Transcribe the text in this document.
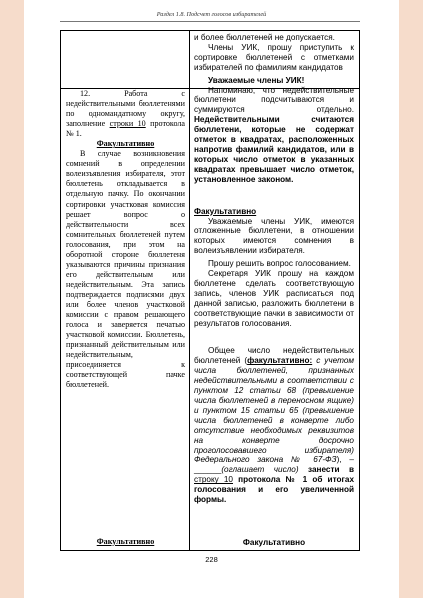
Раздел 1.8. Подсчет голосов избирателей

12. Работа с недействительными бюллетенями по одномандатному округу, заполнение строки 10 протокола № 1.

Факультативно

В случае возникновения сомнений в определении волеизъявления избирателя, этот бюллетень откладывается в отдельную пачку. По окончании сортировки участковая комиссия решает вопрос о действительности всех сомнительных бюллетеней путем голосования, при этом на оборотной стороне бюллетеня указываются причины признания его действительным или недействительным. Эта запись подтверждается подписями двух или более членов участковой комиссии с правом решающего голоса и заверяется печатью участковой комиссии. Бюллетень, признанный действительным или недействительным, присоединяется к соответствующей пачке бюллетеней.

Факультативно

и более бюллетеней не допускается.

Члены УИК, прошу приступить к сортировке бюллетеней с отметками избирателей по фамилиям кандидатов

Уважаемые члены УИК!

Напоминаю, что недействительные бюллетени подсчитываются и суммируются отдельно. Недействительными считаются бюллетени, которые не содержат отметок в квадратах, расположенных напротив фамилий кандидатов, или в которых число отметок в указанных квадратах превышает число отметок, установленное законом.

Факультативно

Уважаемые члены УИК, имеются отложенные бюллетени, в отношении которых имеются сомнения в волеизъявлении избирателя.

Прошу решить вопрос голосованием.

Секретаря УИК прошу на каждом бюллетене сделать соответствующую запись, членов УИК расписаться под данной записью, разложить бюллетени в соответствующие пачки в зависимости от результатов голосования.

Общее число недействительных бюллетеней (факультативно: с учетом числа бюллетеней, признанных недействительными в соответствии с пунктом 12 статьи 68 (превышение числа бюллетеней в переносном ящике) и пунктом 15 статьи 65 (превышение числа бюллетеней в конверте либо отсутствие необходимых реквизитов на конверте досрочно проголосовавшего избирателя) Федерального закона № 67-ФЗ), – ______(оглашает число) занести в строку 10 протокола № 1 об итогах голосования и его увеличенной формы.

Факультативно
228
